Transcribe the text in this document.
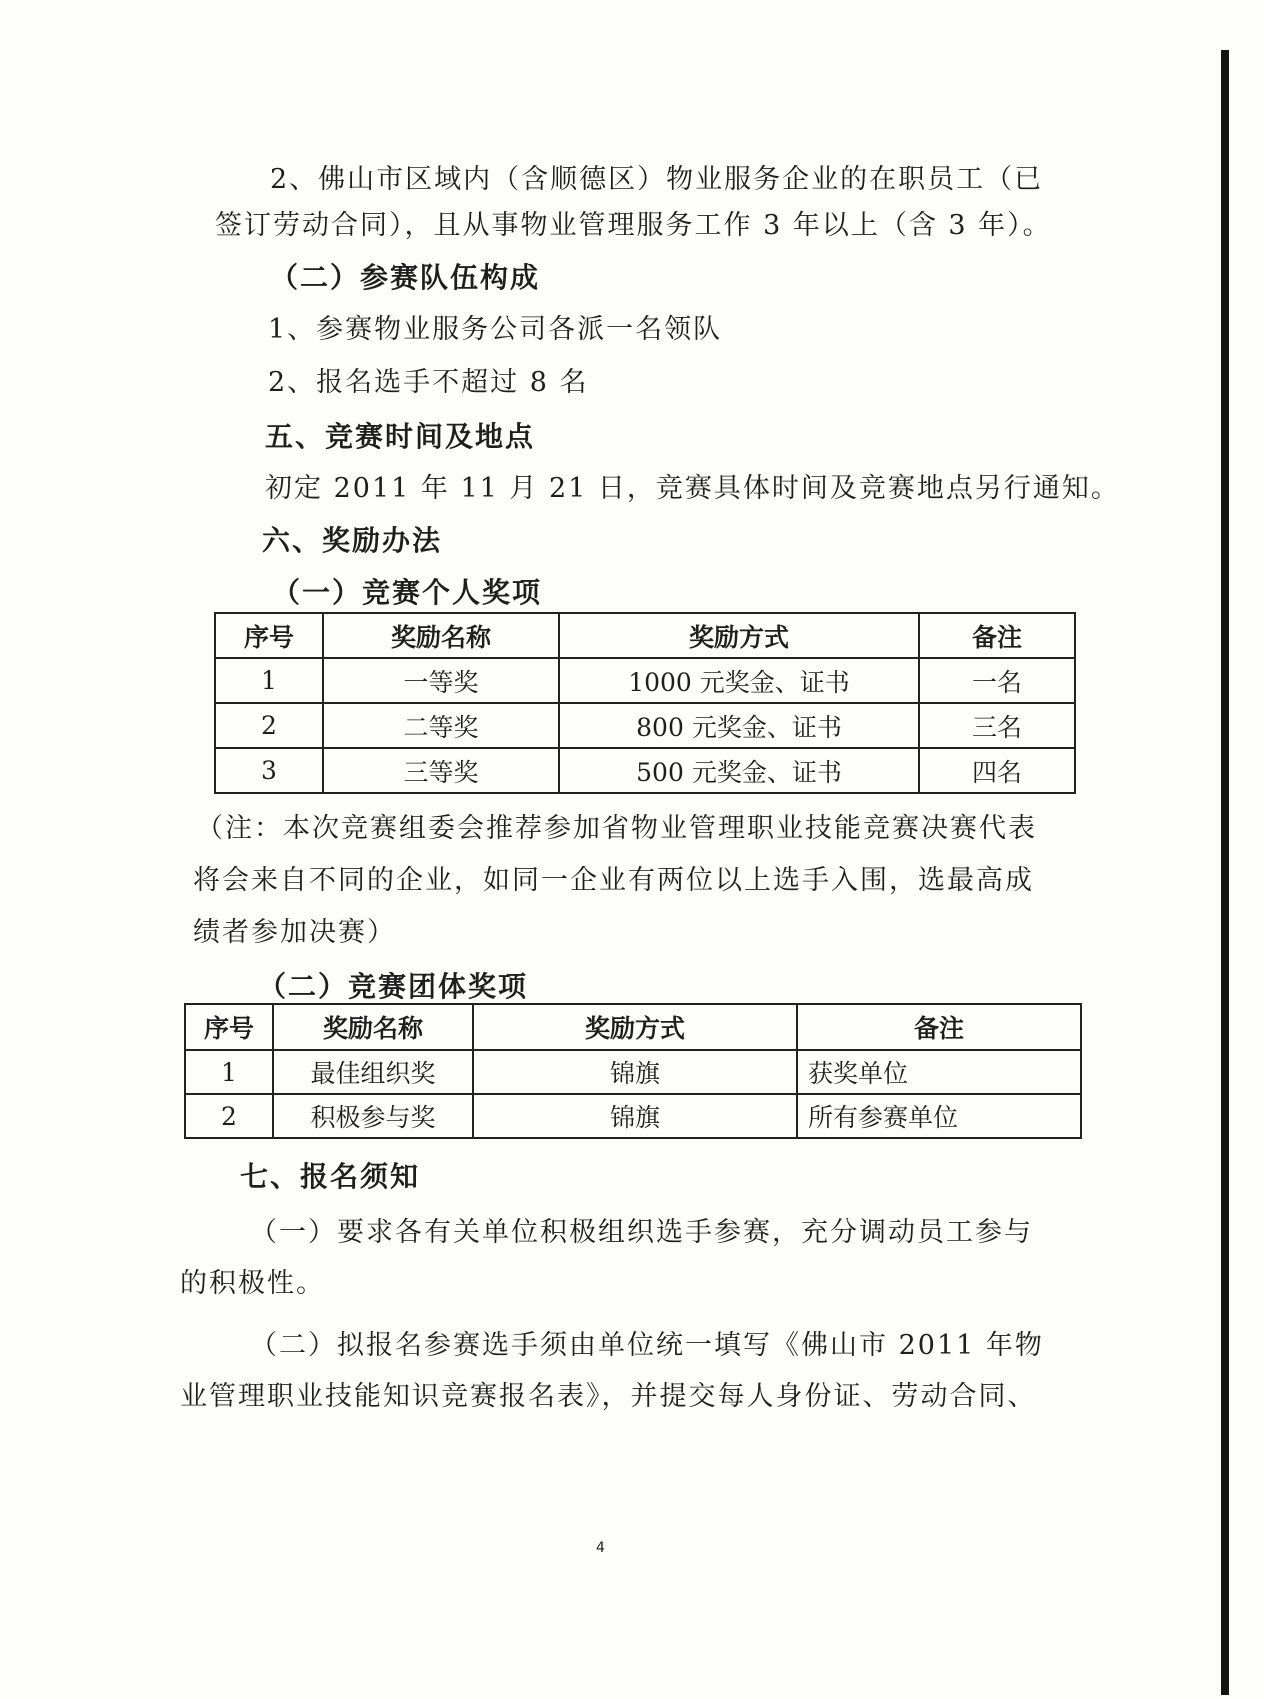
2、佛山市区域内（含顺德区）物业服务企业的在职员工（已
签订劳动合同），且从事物业管理服务工作 3 年以上（含 3 年）。
（二）参赛队伍构成
1、参赛物业服务公司各派一名领队
2、报名选手不超过 8 名
五、竞赛时间及地点
初定 2011 年 11 月 21 日，竞赛具体时间及竞赛地点另行通知。
六、奖励办法
（一）竞赛个人奖项
序号	奖励名称	奖励方式	备注
1	一等奖	1000 元奖金、证书	一名
2	二等奖	800 元奖金、证书	三名
3	三等奖	500 元奖金、证书	四名
（注：本次竞赛组委会推荐参加省物业管理职业技能竞赛决赛代表
将会来自不同的企业，如同一企业有两位以上选手入围，选最高成
绩者参加决赛）
（二）竞赛团体奖项
序号	奖励名称	奖励方式	备注
1	最佳组织奖	锦旗	获奖单位
2	积极参与奖	锦旗	所有参赛单位
七、报名须知
（一）要求各有关单位积极组织选手参赛，充分调动员工参与
的积极性。
（二）拟报名参赛选手须由单位统一填写《佛山市 2011 年物
业管理职业技能知识竞赛报名表》，并提交每人身份证、劳动合同、
4
